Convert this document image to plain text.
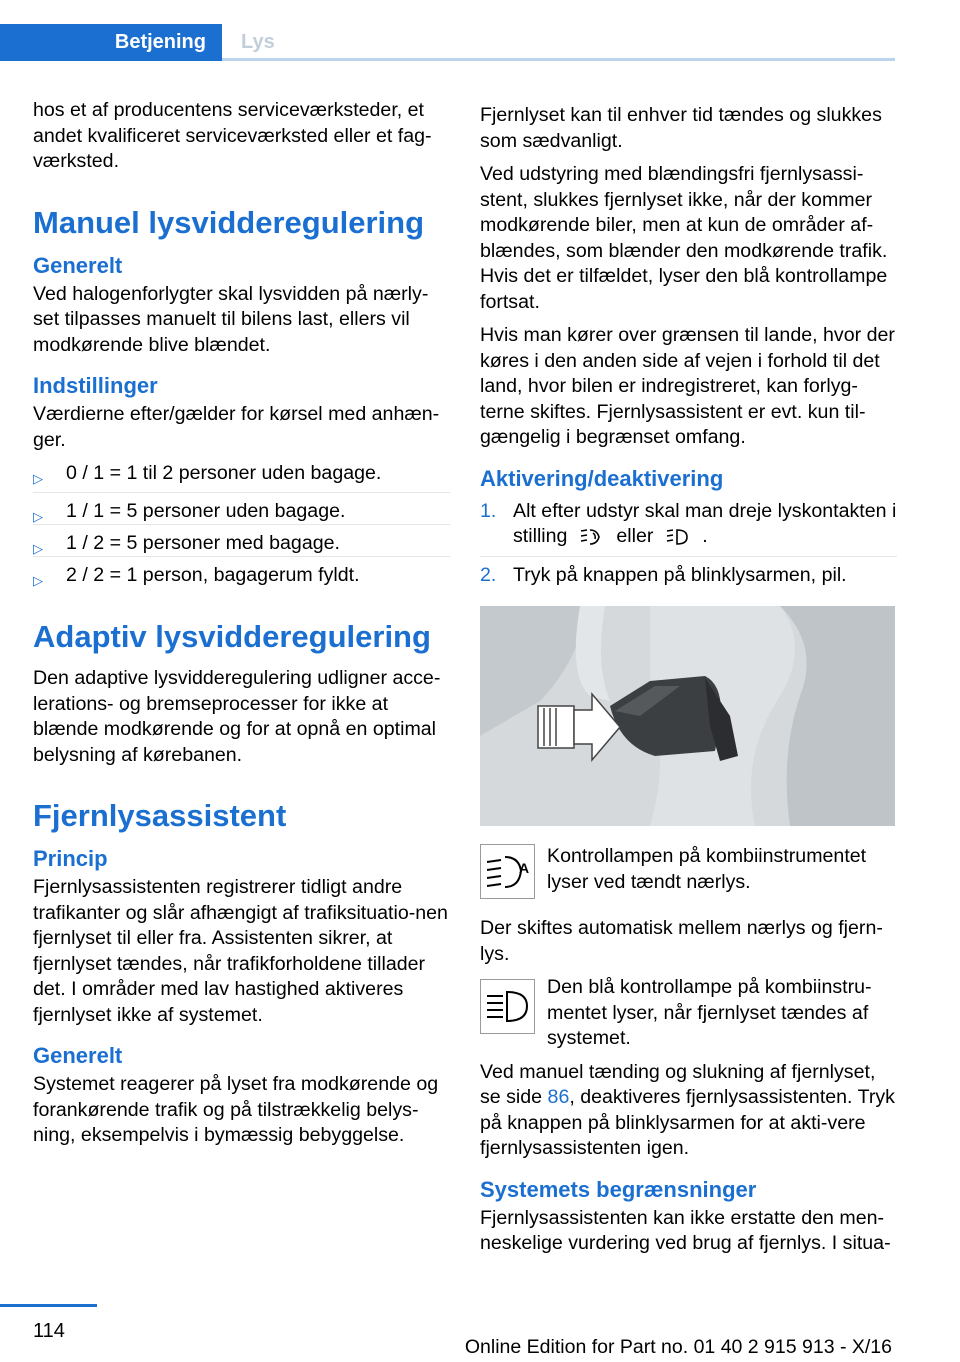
Betjening Lys

hos et af producentens serviceværksteder, et andet kvalificeret serviceværksted eller et fag-værksted.

Manuel lysvidderegulering
Generelt

Ved halogenforlygter skal lysvidden på nærly-set tilpasses manuelt til bilens last, ellers vil modkørende blive blændet.

Indstillinger

Værdierne efter/gælder for kørsel med anhæn-ger.

▷ 0 / 1 = 1 til 2 personer uden bagage.
▷ 1 / 1 = 5 personer uden bagage.
▷ 1 / 2 = 5 personer med bagage.
▷ 2 / 2 = 1 person, bagagerum fyldt.
Adaptiv lysvidderegulering

Den adaptive lysvidderegulering udligner acce-lerations- og bremseprocesser for ikke at blænde modkørende og for at opnå en optimal belysning af kørebanen.

Fjernlysassistent
Princip

Fjernlysassistenten registrerer tidligt andre trafikanter og slår afhængigt af trafiksituatio-nen fjernlyset til eller fra. Assistenten sikrer, at fjernlyset tændes, når trafikforholdene tillader det. I områder med lav hastighed aktiveres fjernlyset ikke af systemet.

Generelt

Systemet reagerer på lyset fra modkørende og forankørende trafik og på tilstrækkelig belys-ning, eksempelvis i bymæssig bebyggelse.

Fjernlyset kan til enhver tid tændes og slukkes som sædvanligt.

Ved udstyring med blændingsfri fjernlysassi-stent, slukkes fjernlyset ikke, når der kommer modkørende biler, men at kun de områder af-blændes, som blænder den modkørende trafik. Hvis det er tilfældet, lyser den blå kontrollampe fortsat.

Hvis man kører over grænsen til lande, hvor der køres i den anden side af vejen i forhold til det land, hvor bilen er indregistreret, kan forlyg-terne skiftes. Fjernlysassistent er evt. kun til-gængelig i begrænset omfang.

Aktivering/deaktivering
1. Alt efter udstyr skal man dreje lyskontakten i stilling eller .
2. Tryk på knappen på blinklysarmen, pil.
A
Kontrollampen på kombiinstrumentet lyser ved tændt nærlys.

Der skiftes automatisk mellem nærlys og fjern-lys.

Den blå kontrollampe på kombiinstru-mentet lyser, når fjernlyset tændes af systemet.

Ved manuel tænding og slukning af fjernlyset, se side 86, deaktiveres fjernlysassistenten. Tryk på knappen på blinklysarmen for at akti-vere fjernlysassistenten igen.

Systemets begrænsninger

Fjernlysassistenten kan ikke erstatte den men-neskelige vurdering ved brug af fjernlys. I situa-

114
Online Edition for Part no. 01 40 2 915 913 - X/16
